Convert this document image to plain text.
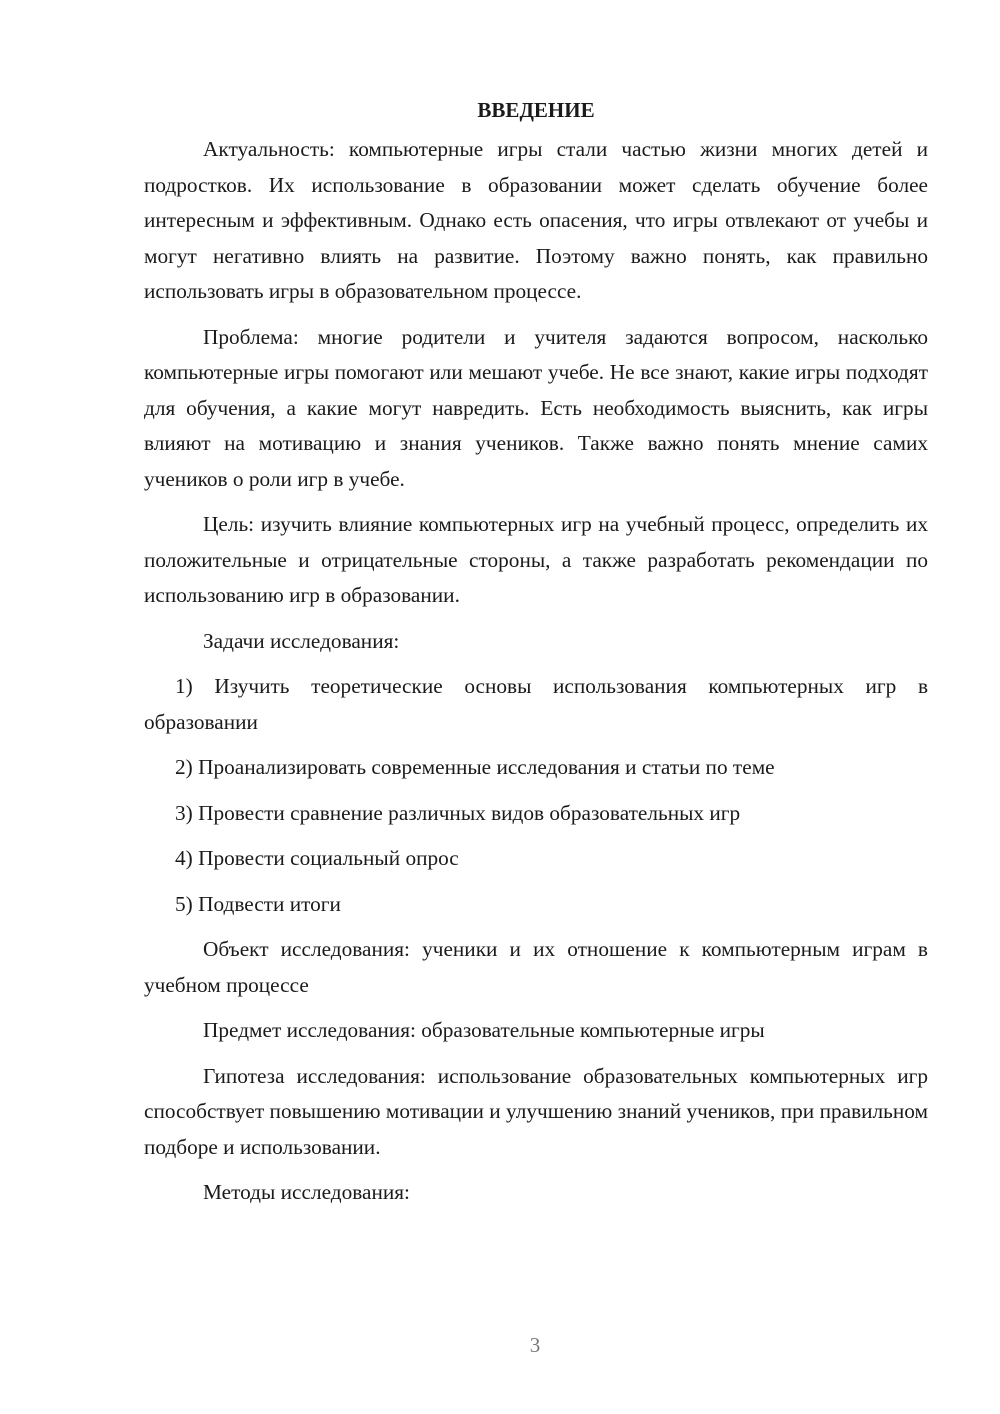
ВВЕДЕНИЕ

Актуальность: компьютерные игры стали частью жизни многих детей и подростков. Их использование в образовании может сделать обучение более интересным и эффективным. Однако есть опасения, что игры отвлекают от учебы и могут негативно влиять на развитие. Поэтому важно понять, как правильно использовать игры в образовательном процессе.

Проблема: многие родители и учителя задаются вопросом, насколько компьютерные игры помогают или мешают учебе. Не все знают, какие игры подходят для обучения, а какие могут навредить. Есть необходимость выяснить, как игры влияют на мотивацию и знания учеников. Также важно понять мнение самих учеников о роли игр в учебе.

Цель: изучить влияние компьютерных игр на учебный процесс, определить их положительные и отрицательные стороны, а также разработать рекомендации по использованию игр в образовании.

Задачи исследования:

1) Изучить теоретические основы использования компьютерных игр в образовании

2) Проанализировать современные исследования и статьи по теме

3) Провести сравнение различных видов образовательных игр

4) Провести социальный опрос

5) Подвести итоги

Объект исследования: ученики и их отношение к компьютерным играм в учебном процессе

Предмет исследования: образовательные компьютерные игры

Гипотеза исследования: использование образовательных компьютерных игр способствует повышению мотивации и улучшению знаний учеников, при правильном подборе и использовании.

Методы исследования:

3
